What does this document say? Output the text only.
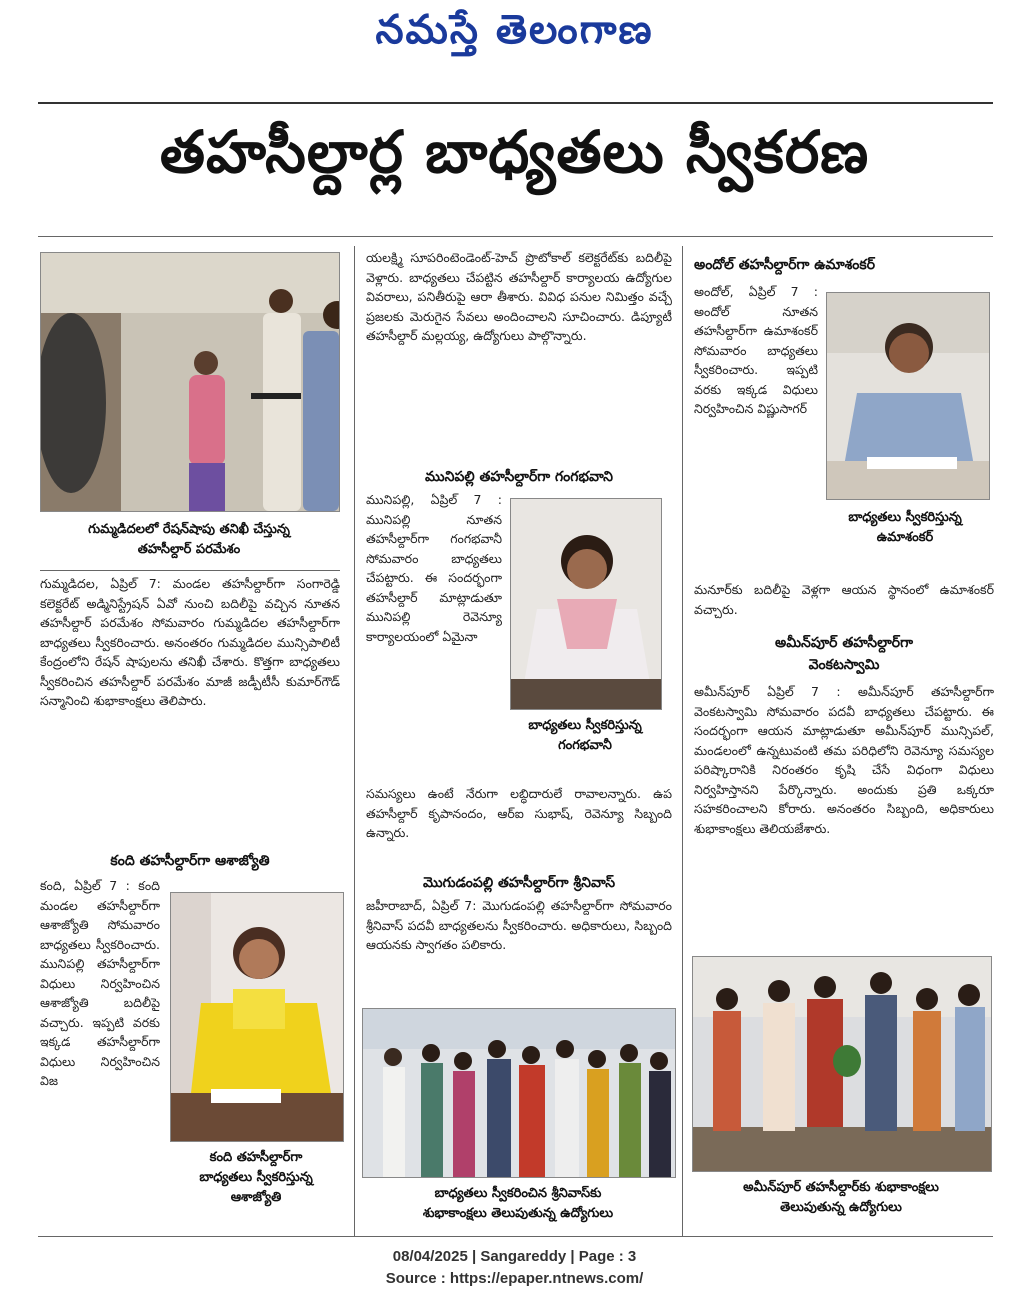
నమస్తే తెలంగాణ
తహసీల్దార్ల బాధ్యతలు స్వీకరణ
గుమ్మడిదలలో రేషన్‌షాపు తనిఖీ చేస్తున్న
తహసీల్దార్ పరమేశం
గుమ్మడిదల, ఏప్రిల్ 7: మండల తహసీల్దార్‌గా సంగారెడ్డి కలెక్టరేట్ అడ్మినిస్ట్రేషన్ ఏవో నుంచి బదిలీపై వచ్చిన నూతన తహసీల్దార్ పరమేశం సోమవారం గుమ్మడిదల తహసీల్దార్‌గా బాధ్యతలు స్వీకరించారు. అనంతరం గుమ్మడిదల మున్సిపాలిటీ కేంద్రంలోని రేషన్ షాపులను తనిఖీ చేశారు. కొత్తగా బాధ్యతలు స్వీకరించిన తహసీల్దార్ పరమేశం మాజీ జడ్పీటీసీ కుమార్‌గౌడ్ సన్మానించి శుభాకాంక్షలు తెలిపారు.
కంది తహసీల్దార్‌గా ఆశాజ్యోతి
కంది, ఏప్రిల్ 7 : కంది మండల తహసీల్దార్‌గా ఆశాజ్యోతి సోమవారం బాధ్యతలు స్వీకరించారు. మునిపల్లి తహసీల్దార్‌గా విధులు నిర్వహించిన ఆశాజ్యోతి బదిలీపై వచ్చారు. ఇప్పటి వరకు ఇక్కడ తహసీల్దార్‌గా విధులు నిర్వహించిన విజ
కంది తహసీల్దార్‌గా
బాధ్యతలు స్వీకరిస్తున్న
ఆశాజ్యోతి
యలక్ష్మి సూపరింటెండెంట్-హెచ్ ప్రొటోకాల్ కలెక్టరేట్‌కు బదిలీపై వెళ్లారు. బాధ్యతలు చేపట్టిన తహసీల్దార్ కార్యాలయ ఉద్యోగుల వివరాలు, పనితీరుపై ఆరా తీశారు. వివిధ పనుల నిమిత్తం వచ్చే ప్రజలకు మెరుగైన సేవలు అందించాలని సూచించారు. డిప్యూటీ తహసీల్దార్ మల్లయ్య, ఉద్యోగులు పాల్గొన్నారు.
మునిపల్లి తహసీల్దార్‌గా గంగభవాని
మునిపల్లి, ఏప్రిల్ 7 : మునిపల్లి నూతన తహసీల్దార్‌గా గంగభవానీ సోమవారం బాధ్యతలు చేపట్టారు. ఈ సందర్భంగా తహసీల్దార్ మాట్లాడుతూ మునిపల్లి రెవెన్యూ కార్యాలయంలో ఏమైనా
బాధ్యతలు స్వీకరిస్తున్న
గంగభవానీ
సమస్యలు ఉంటే నేరుగా లబ్ధిదారులే రావాలన్నారు. ఉప తహసీల్దార్ కృపానందం, ఆర్ఐ సుభాష్, రెవెన్యూ సిబ్బంది ఉన్నారు.
మొగుడంపల్లి తహసీల్దార్‌గా శ్రీనివాస్
జహీరాబాద్, ఏప్రిల్ 7: మొగుడంపల్లి తహసీల్దార్‌గా సోమవారం శ్రీనివాస్ పదవీ బాధ్యతలను స్వీకరించారు. అధికారులు, సిబ్బంది ఆయనకు స్వాగతం పలికారు.
బాధ్యతలు స్వీకరించిన శ్రీనివాస్‌కు
శుభాకాంక్షలు తెలుపుతున్న ఉద్యోగులు
అందోల్ తహసీల్దార్‌గా ఉమాశంకర్
అందోల్, ఏప్రిల్ 7 : అందోల్ నూతన తహసీల్దార్‌గా ఉమాశంకర్ సోమవారం బాధ్యతలు స్వీకరించారు. ఇప్పటి వరకు ఇక్కడ విధులు నిర్వహించిన విష్ణుసాగర్
బాధ్యతలు స్వీకరిస్తున్న
ఉమాశంకర్
మనూర్‌కు బదిలీపై వెళ్లగా ఆయన స్థానంలో ఉమాశంకర్ వచ్చారు.
అమీన్‌పూర్ తహసీల్దార్‌గా
వెంకటస్వామి
అమీన్‌పూర్ ఏప్రిల్ 7 : అమీన్‌పూర్ తహసీల్దార్‌గా వెంకటస్వామి సోమవారం పదవీ బాధ్యతలు చేపట్టారు. ఈ సందర్భంగా ఆయన మాట్లాడుతూ అమీన్‌పూర్ మున్సిపల్, మండలంలో ఉన్నటువంటి తమ పరిధిలోని రెవెన్యూ సమస్యల పరిష్కారానికి నిరంతరం కృషి చేసే విధంగా విధులు నిర్వహిస్తానని పేర్కొన్నారు. అందుకు ప్రతి ఒక్కరూ సహకరించాలని కోరారు. అనంతరం సిబ్బంది, అధికారులు శుభాకాంక్షలు తెలియజేశారు.
అమీన్‌పూర్ తహసీల్దార్‌కు శుభాకాంక్షలు
తెలుపుతున్న ఉద్యోగులు
08/04/2025 | Sangareddy | Page : 3
Source : https://epaper.ntnews.com/
